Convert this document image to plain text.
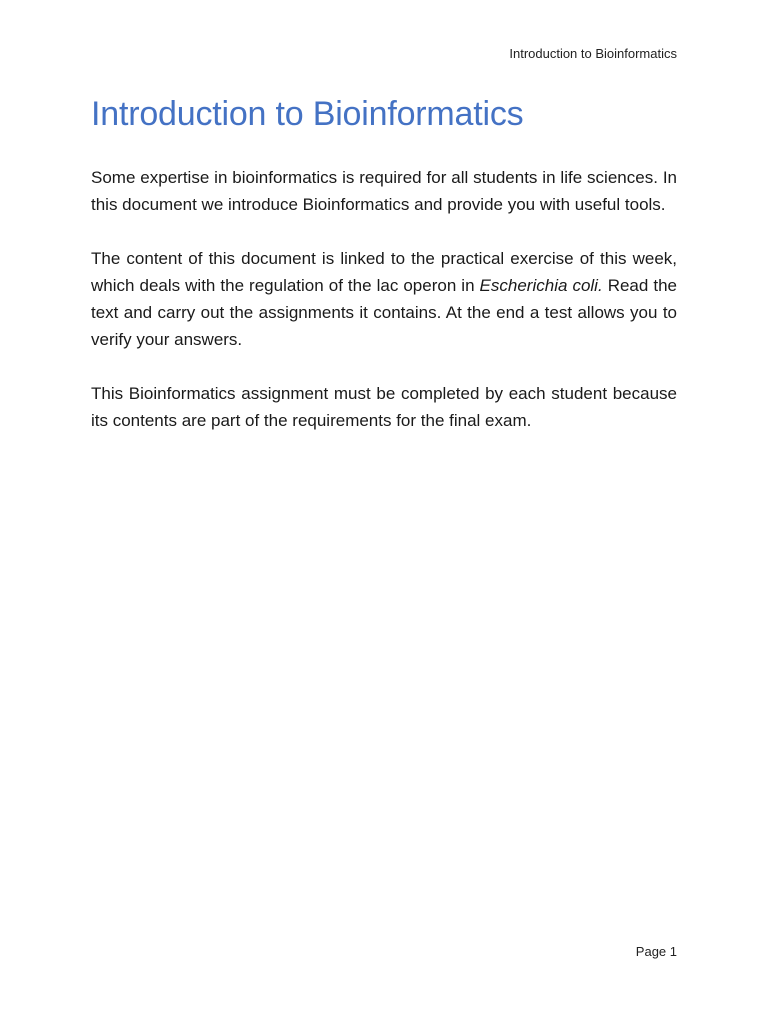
Introduction to Bioinformatics
Introduction to Bioinformatics

Some expertise in bioinformatics is required for all students in life sciences. In this document we introduce Bioinformatics and provide you with useful tools.

The content of this document is linked to the practical exercise of this week, which deals with the regulation of the lac operon in Escherichia coli. Read the text and carry out the assignments it contains. At the end a test allows you to verify your answers.

This Bioinformatics assignment must be completed by each student because its contents are part of the requirements for the final exam.

Page 1
